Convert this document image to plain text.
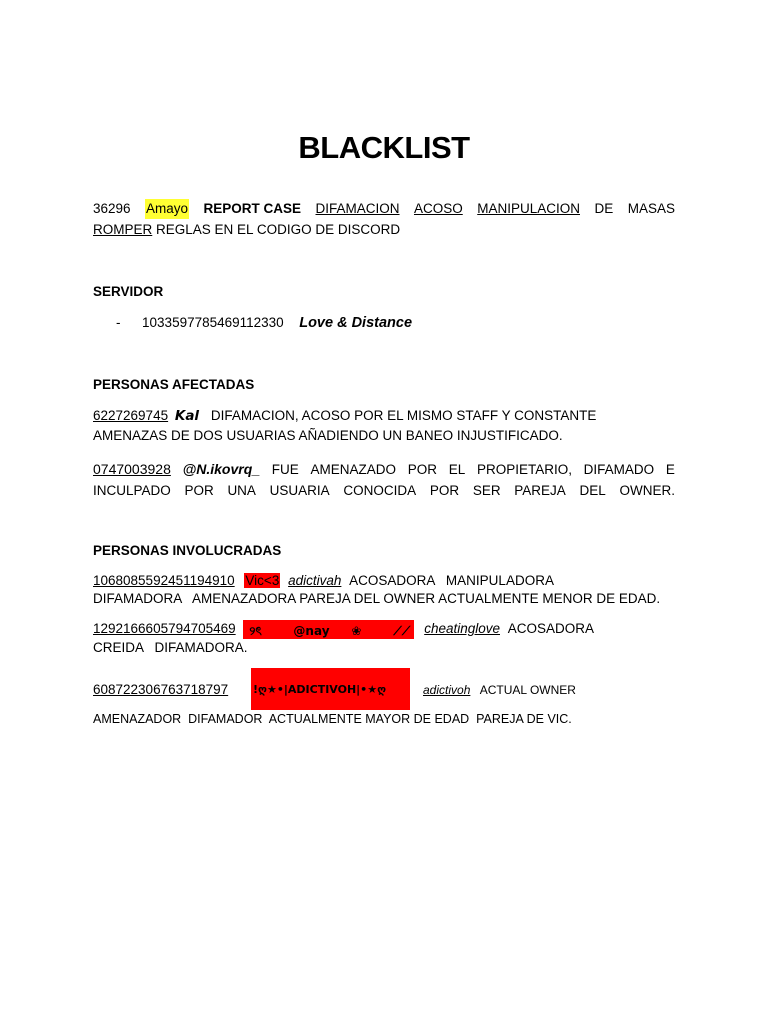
BLACKLIST
36296 Amayo REPORT CASE DIFAMACION ACOSO MANIPULACION DE MASAS
ROMPER REGLAS EN EL CODIGO DE DISCORD
SERVIDOR
- 1033597785469112330 Love & Distance
PERSONAS AFECTADAS
6227269745 Kal DIFAMACION, ACOSO POR EL MISMO STAFF Y CONSTANTE
AMENAZAS DE DOS USUARIAS AÑADIENDO UN BANEO INJUSTIFICADO.
0747003928 @N.ikovrq_ FUE AMENAZADO POR EL PROPIETARIO, DIFAMADO E
INCULPADO POR UNA USUARIA CONOCIDA POR SER PAREJA DEL OWNER.
PERSONAS INVOLUCRADAS
1068085592451194910 Vic<3 adictivah ACOSADORA   MANIPULADORA
DIFAMADORA   AMENAZADORA PAREJA DEL OWNER ACTUALMENTE MENOR DE EDAD.
1292166605794705469 ୨ৎ	@nay ❀	⟋⟋ cheatinglove ACOSADORA
CREIDA   DIFAMADORA.
!ღ★•|ADICTIVOH|•★ღ
608722306763718797	adictivoh ACTUAL OWNER
AMENAZADOR  DIFAMADOR  ACTUALMENTE MAYOR DE EDAD  PAREJA DE VIC.
